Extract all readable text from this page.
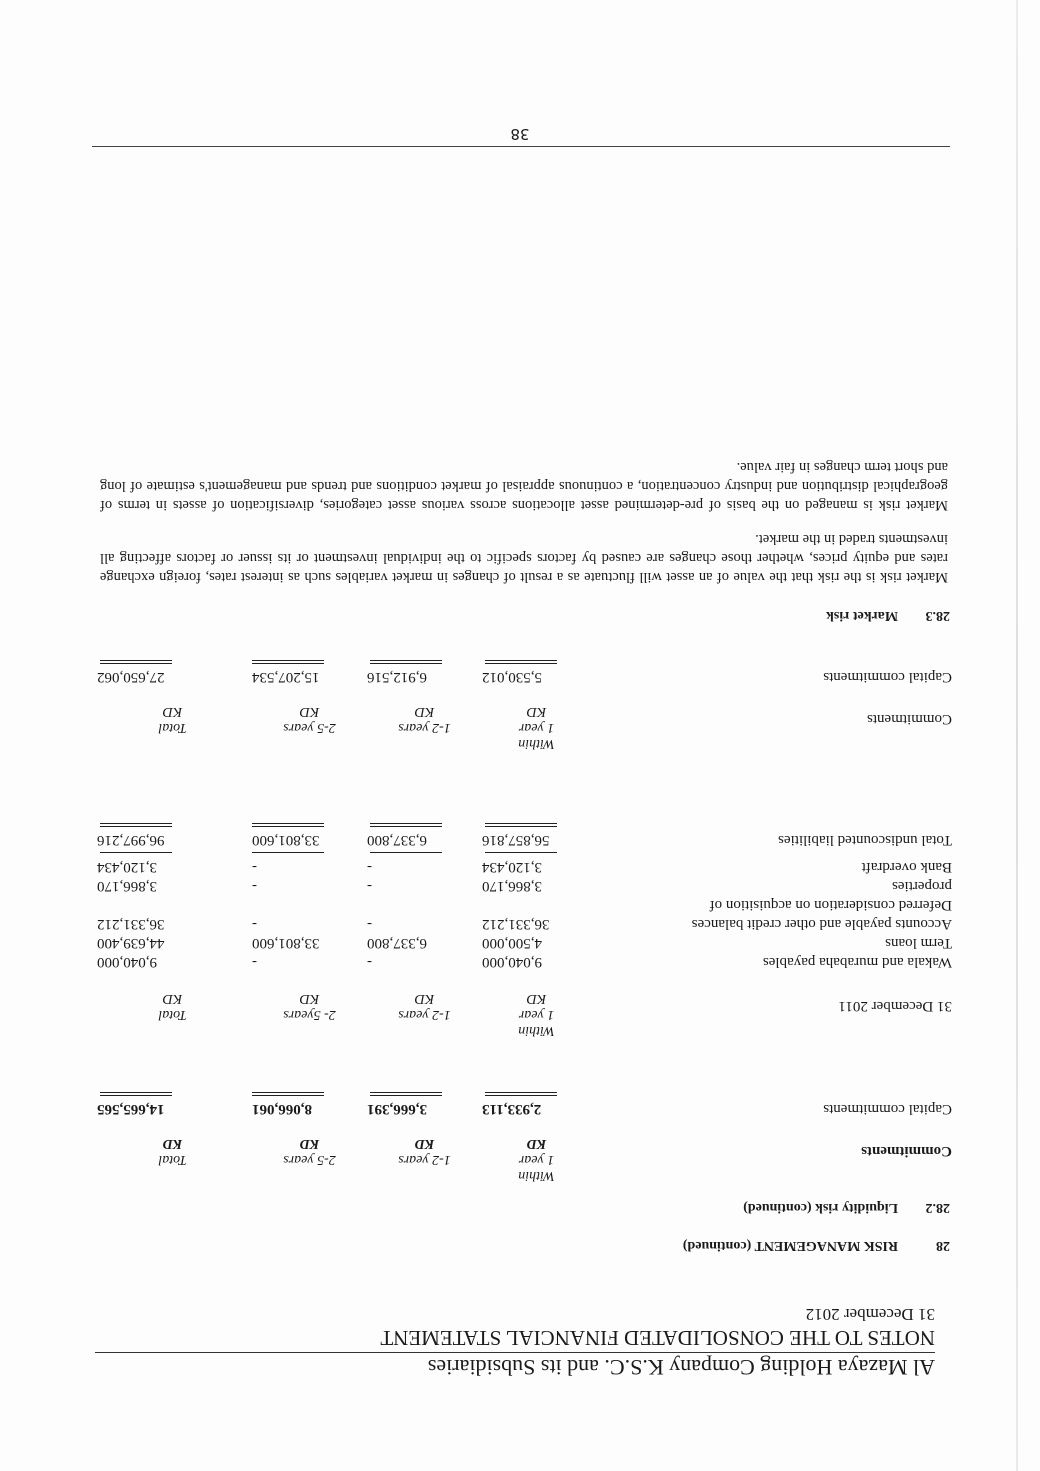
Al Mazaya Holding Company K.S.C. and its Subsidiaries
NOTES TO THE CONSOLIDATED FINANCIAL STATEMENT
31 December 2012
28RISK MANAGEMENT (continued)
28.2Liquidity risk (continued)
Commitments
Within
1 year
KD
1-2 years
KD
2-5 years
KD
Total
KD
Capital commitments
2,933,113
3,666,391
8,066,061
14,665,565
31 December 2011
Within
1 year
KD
1-2 years
KD
2- 5years
KD
Total
KD
Wakala and murabaha payables
9,040,000
-
-
9,040,000
Term loans
4,500,000
6,337,800
33,801,600
44,639,400
Accounts payable and other credit balances
36,331,212
-
-
36,331,212
Deferred consideration on acquisition of
properties
3,866,170
-
-
3,866,170
Bank overdraft
3,120,434
-
-
3,120,434
Total undiscounted liabilities
56,857,816
6,337,800
33,801,600
96,997,216
Commitments
Within
1 year
KD
1-2 years
KD
2-5 years
KD
Total
KD
Capital commitments
5,530,012
6,912,516
15,207,534
27,650,062
28.3Market risk
Market risk is the risk that the value of an asset will fluctuate as a result of changes in market variables such as interest rates, foreign exchange rates and equity prices, whether those changes are caused by factors specific to the individual investment or its issuer or factors affecting all investments traded in the market.
Market risk is managed on the basis of pre-determined asset allocations across various asset categories, diversification of assets in terms of geographical distribution and industry concentration, a continuous appraisal of market conditions and trends and management's estimate of long and short term changes in fair value.
38
